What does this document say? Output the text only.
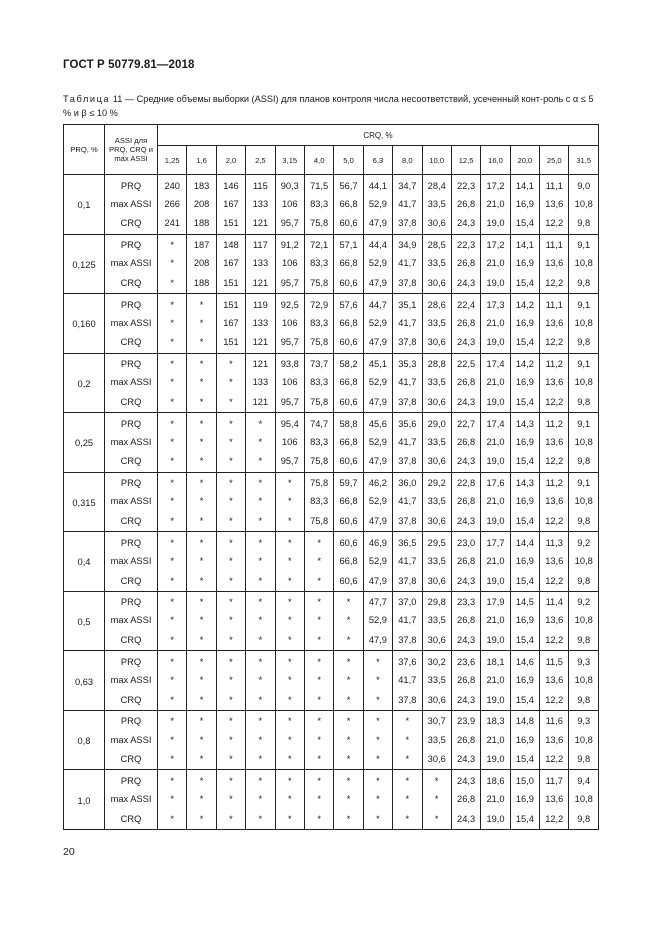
ГОСТ Р 50779.81—2018
Таблица 11 — Средние объемы выборки (ASSI) для планов контроля числа несоответствий, усеченный конт-роль с α ≤ 5 % и β ≤ 10 %
PRQ, %	ASSI для PRQ, CRQ и max ASSI	CRQ, %														
		1,25	1,6	2,0	2,5	3,15	4,0	5,0	6,3	8,0	10,0	12,5	16,0	20,0	25,0	31,5
0,1	PRQ	240	183	146	115	90,3	71,5	56,7	44,1	34,7	28,4	22,3	17,2	14,1	11,1	9,0
	max ASSI	266	208	167	133	106	83,3	66,8	52,9	41,7	33,5	26,8	21,0	16,9	13,6	10,8
	CRQ	241	188	151	121	95,7	75,8	60,6	47,9	37,8	30,6	24,3	19,0	15,4	12,2	9,8
0,125	PRQ	*	187	148	117	91,2	72,1	57,1	44,4	34,9	28,5	22,3	17,2	14,1	11,1	9,1
	max ASSI	*	208	167	133	106	83,3	66,8	52,9	41,7	33,5	26,8	21,0	16,9	13,6	10,8
	CRQ	*	188	151	121	95,7	75,8	60,6	47,9	37,8	30,6	24,3	19,0	15,4	12,2	9,8
0,160	PRQ	*	*	151	119	92,5	72,9	57,6	44,7	35,1	28,6	22,4	17,3	14,2	11,1	9,1
	max ASSI	*	*	167	133	106	83,3	66,8	52,9	41,7	33,5	26,8	21,0	16,9	13,6	10,8
	CRQ	*	*	151	121	95,7	75,8	60,6	47,9	37,8	30,6	24,3	19,0	15,4	12,2	9,8
0,2	PRQ	*	*	*	121	93,8	73,7	58,2	45,1	35,3	28,8	22,5	17,4	14,2	11,2	9,1
	max ASSI	*	*	*	133	106	83,3	66,8	52,9	41,7	33,5	26,8	21,0	16,9	13,6	10,8
	CRQ	*	*	*	121	95,7	75,8	60,6	47,9	37,8	30,6	24,3	19,0	15,4	12,2	9,8
0,25	PRQ	*	*	*	*	95,4	74,7	58,8	45,6	35,6	29,0	22,7	17,4	14,3	11,2	9,1
	max ASSI	*	*	*	*	106	83,3	66,8	52,9	41,7	33,5	26,8	21,0	16,9	13,6	10,8
	CRQ	*	*	*	*	95,7	75,8	60,6	47,9	37,8	30,6	24,3	19,0	15,4	12,2	9,8
0,315	PRQ	*	*	*	*	*	75,8	59,7	46,2	36,0	29,2	22,8	17,6	14,3	11,2	9,1
	max ASSI	*	*	*	*	*	83,3	66,8	52,9	41,7	33,5	26,8	21,0	16,9	13,6	10,8
	CRQ	*	*	*	*	*	75,8	60,6	47,9	37,8	30,6	24,3	19,0	15,4	12,2	9,8
0,4	PRQ	*	*	*	*	*	*	60,6	46,9	36,5	29,5	23,0	17,7	14,4	11,3	9,2
	max ASSI	*	*	*	*	*	*	66,8	52,9	41,7	33,5	26,8	21,0	16,9	13,6	10,8
	CRQ	*	*	*	*	*	*	60,6	47,9	37,8	30,6	24,3	19,0	15,4	12,2	9,8
0,5	PRQ	*	*	*	*	*	*	*	47,7	37,0	29,8	23,3	17,9	14,5	11,4	9,2
	max ASSI	*	*	*	*	*	*	*	52,9	41,7	33,5	26,8	21,0	16,9	13,6	10,8
	CRQ	*	*	*	*	*	*	*	47,9	37,8	30,6	24,3	19,0	15,4	12,2	9,8
0,63	PRQ	*	*	*	*	*	*	*	*	37,6	30,2	23,6	18,1	14,6	11,5	9,3
	max ASSI	*	*	*	*	*	*	*	*	41,7	33,5	26,8	21,0	16,9	13,6	10,8
	CRQ	*	*	*	*	*	*	*	*	37,8	30,6	24,3	19,0	15,4	12,2	9,8
0,8	PRQ	*	*	*	*	*	*	*	*	*	30,7	23,9	18,3	14,8	11,6	9,3
	max ASSI	*	*	*	*	*	*	*	*	*	33,5	26,8	21,0	16,9	13,6	10,8
	CRQ	*	*	*	*	*	*	*	*	*	30,6	24,3	19,0	15,4	12,2	9,8
1,0	PRQ	*	*	*	*	*	*	*	*	*	*	24,3	18,6	15,0	11,7	9,4
	max ASSI	*	*	*	*	*	*	*	*	*	*	26,8	21,0	16,9	13,6	10,8
	CRQ	*	*	*	*	*	*	*	*	*	*	24,3	19,0	15,4	12,2	9,8
20
